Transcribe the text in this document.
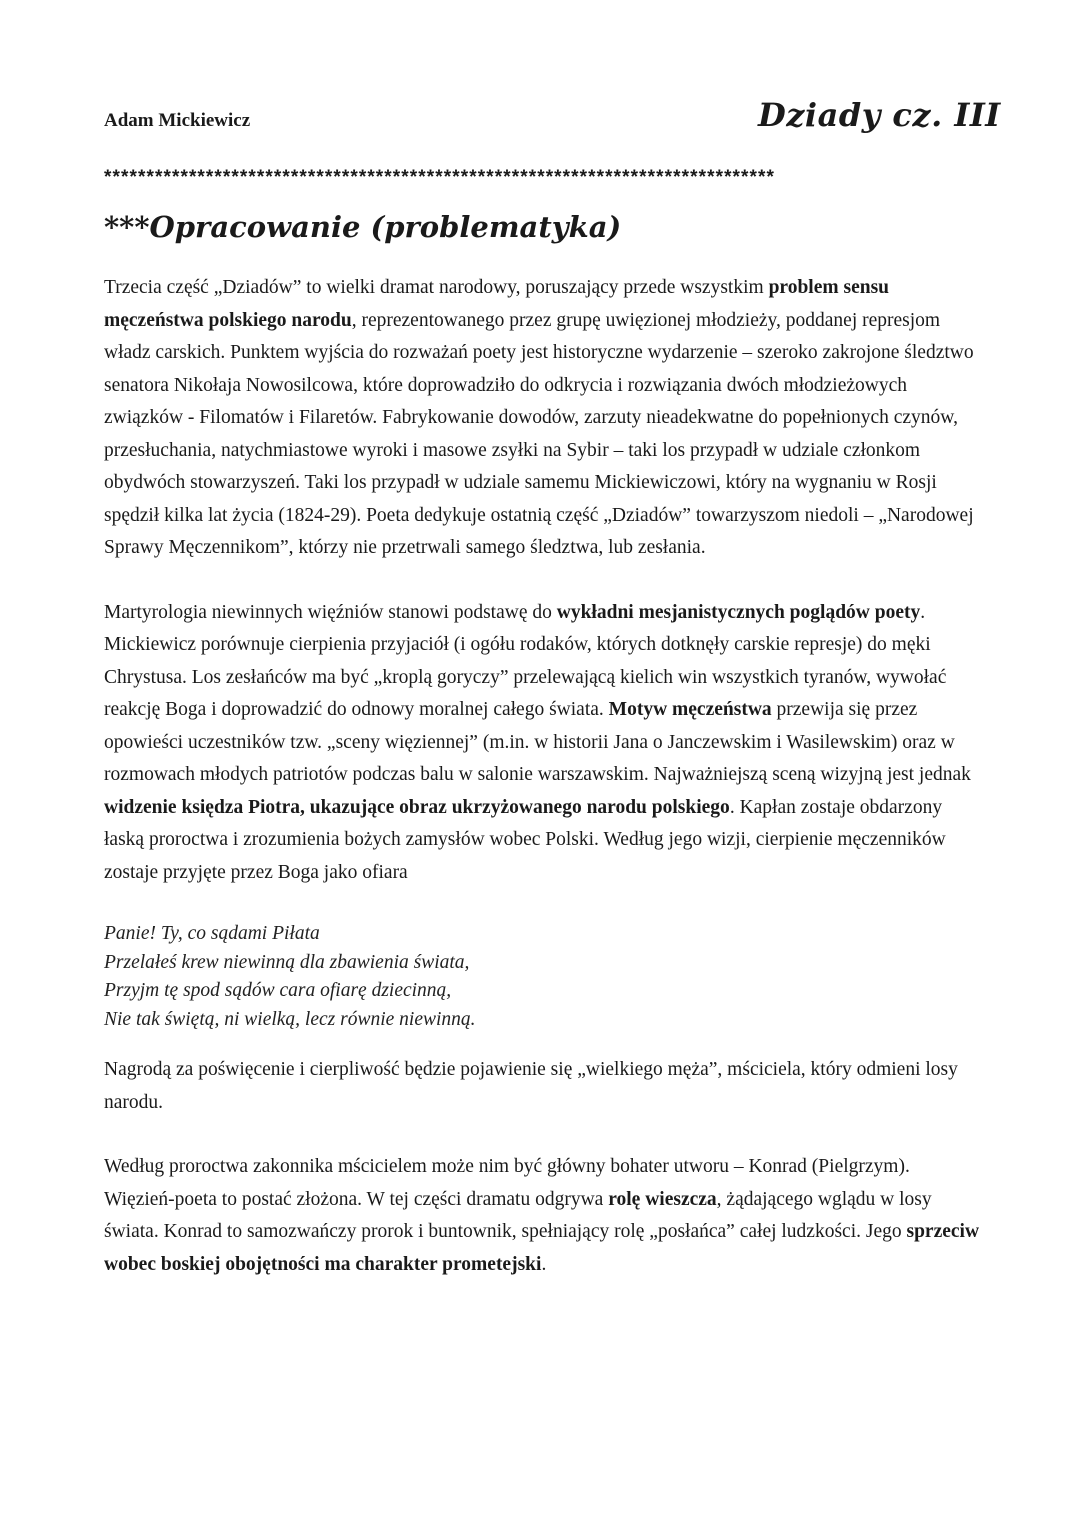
Adam Mickiewicz	Dziady cz. III
*******************************************************************************
***Opracowanie (problematyka)

Trzecia część „Dziadów” to wielki dramat narodowy, poruszający przede wszystkim problem sensu męczeństwa polskiego narodu, reprezentowanego przez grupę uwięzionej młodzieży, poddanej represjom władz carskich. Punktem wyjścia do rozważań poety jest historyczne wydarzenie – szeroko zakrojone śledztwo senatora Nikołaja Nowosilcowa, które doprowadziło do odkrycia i rozwiązania dwóch młodzieżowych związków - Filomatów i Filaretów. Fabrykowanie dowodów, zarzuty nieadekwatne do popełnionych czynów, przesłuchania, natychmiastowe wyroki i masowe zsyłki na Sybir – taki los przypadł w udziale członkom obydwóch stowarzyszeń. Taki los przypadł w udziale samemu Mickiewiczowi, który na wygnaniu w Rosji spędził kilka lat życia (1824-29). Poeta dedykuje ostatnią część „Dziadów” towarzyszom niedoli – „Narodowej Sprawy Męczennikom”, którzy nie przetrwali samego śledztwa, lub zesłania.

Martyrologia niewinnych więźniów stanowi podstawę do wykładni mesjanistycznych poglądów poety. Mickiewicz porównuje cierpienia przyjaciół (i ogółu rodaków, których dotknęły carskie represje) do męki Chrystusa. Los zesłańców ma być „kroplą goryczy” przelewającą kielich win wszystkich tyranów, wywołać reakcję Boga i doprowadzić do odnowy moralnej całego świata. Motyw męczeństwa przewija się przez opowieści uczestników tzw. „sceny więziennej” (m.in. w historii Jana o Janczewskim i Wasilewskim) oraz w rozmowach młodych patriotów podczas balu w salonie warszawskim. Najważniejszą sceną wizyjną jest jednak widzenie księdza Piotra, ukazujące obraz ukrzyżowanego narodu polskiego. Kapłan zostaje obdarzony łaską proroctwa i zrozumienia bożych zamysłów wobec Polski. Według jego wizji, cierpienie męczenników zostaje przyjęte przez Boga jako ofiara

Panie! Ty, co sądami Piłata
Przelałeś krew niewinną dla zbawienia świata,
Przyjm tę spod sądów cara ofiarę dziecinną,
Nie tak świętą, ni wielką, lecz równie niewinną.

Nagrodą za poświęcenie i cierpliwość będzie pojawienie się „wielkiego męża”, mściciela, który odmieni losy narodu.

Według proroctwa zakonnika mścicielem może nim być główny bohater utworu – Konrad (Pielgrzym). Więzień-poeta to postać złożona. W tej części dramatu odgrywa rolę wieszcza, żądającego wglądu w losy świata. Konrad to samozwańczy prorok i buntownik, spełniający rolę „posłańca” całej ludzkości. Jego sprzeciw wobec boskiej obojętności ma charakter prometejski.
